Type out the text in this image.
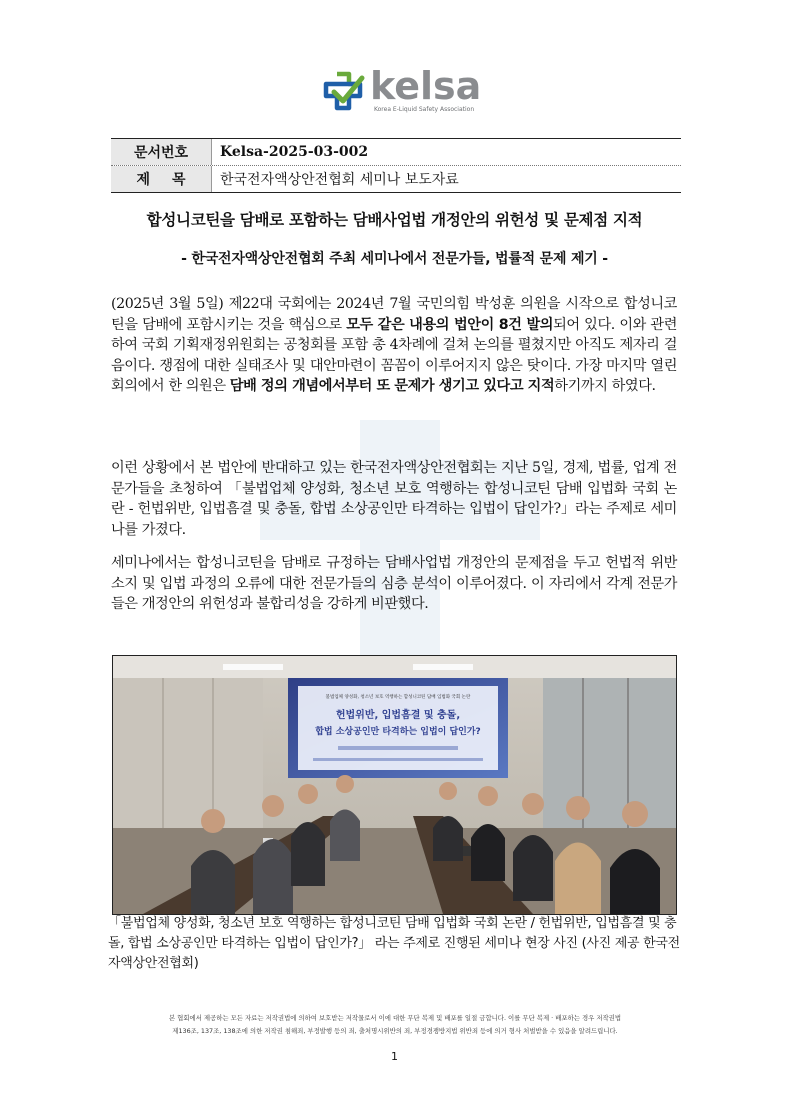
kelsa
Korea E-Liquid Safety Association
문서번호	Kelsa-2025-03-002
제목 한국전자액상안전협회 세미나 보도자료
합성니코틴을 담배로 포함하는 담배사업법 개정안의 위헌성 및 문제점 지적
- 한국전자액상안전협회 주최 세미나에서 전문가들, 법률적 문제 제기 -
(2025년 3월 5일) 제22대 국회에는 2024년 7월 국민의힘 박성훈 의원을 시작으로 합성니코틴을 담배에 포함시키는 것을 핵심으로 모두 같은 내용의 법안이 8건 발의되어 있다. 이와 관련하여 국회 기획재정위원회는 공청회를 포함 총 4차례에 걸쳐 논의를 펼쳤지만 아직도 제자리 걸음이다. 쟁점에 대한 실태조사 및 대안마련이 꼼꼼이 이루어지지 않은 탓이다. 가장 마지막 열린 회의에서 한 의원은 담배 정의 개념에서부터 또 문제가 생기고 있다고 지적하기까지 하였다.
이런 상황에서 본 법안에 반대하고 있는 한국전자액상안전협회는 지난 5일, 경제, 법률, 업계 전문가들을 초청하여 「불법업체 양성화, 청소년 보호 역행하는 합성니코틴 담배 입법화 국회 논란 - 헌법위반, 입법흠결 및 충돌, 합법 소상공인만 타격하는 입법이 답인가?」라는 주제로 세미나를 가졌다.
세미나에서는 합성니코틴을 담배로 규정하는 담배사업법 개정안의 문제점을 두고 헌법적 위반 소지 및 입법 과정의 오류에 대한 전문가들의 심층 분석이 이루어졌다. 이 자리에서 각계 전문가들은 개정안의 위헌성과 불합리성을 강하게 비판했다.
불법업체 양성화, 청소년 보호 역행하는 합성니코틴 담배 입법화 국회 논란
헌법위반, 입법흠결 및 충돌,
합법 소상공인만 타격하는 입법이 답인가?
「불법업체 양성화, 청소년 보호 역행하는 합성니코틴 담배 입법화 국회 논란 / 헌법위반, 입법흠결 및 충돌, 합법 소상공인만 타격하는 입법이 답인가?」 라는 주제로 진행된 세미나 현장 사진 (사진 제공 한국전자액상안전협회)
본 협회에서 제공하는 모든 자료는 저작권법에 의하여 보호받는 저작물로서 이에 대한 무단 복제 및 배포를 일절 금합니다. 이를 무단 복제 · 배포하는 경우 저작권법
제136조, 137조, 138조에 의한 저작권 침해죄, 부정발행 등의 죄, 출처명시위반의 죄, 부정경쟁방지법 위반죄 등에 의거 형사 처벌받을 수 있음을 알려드립니다.
1
